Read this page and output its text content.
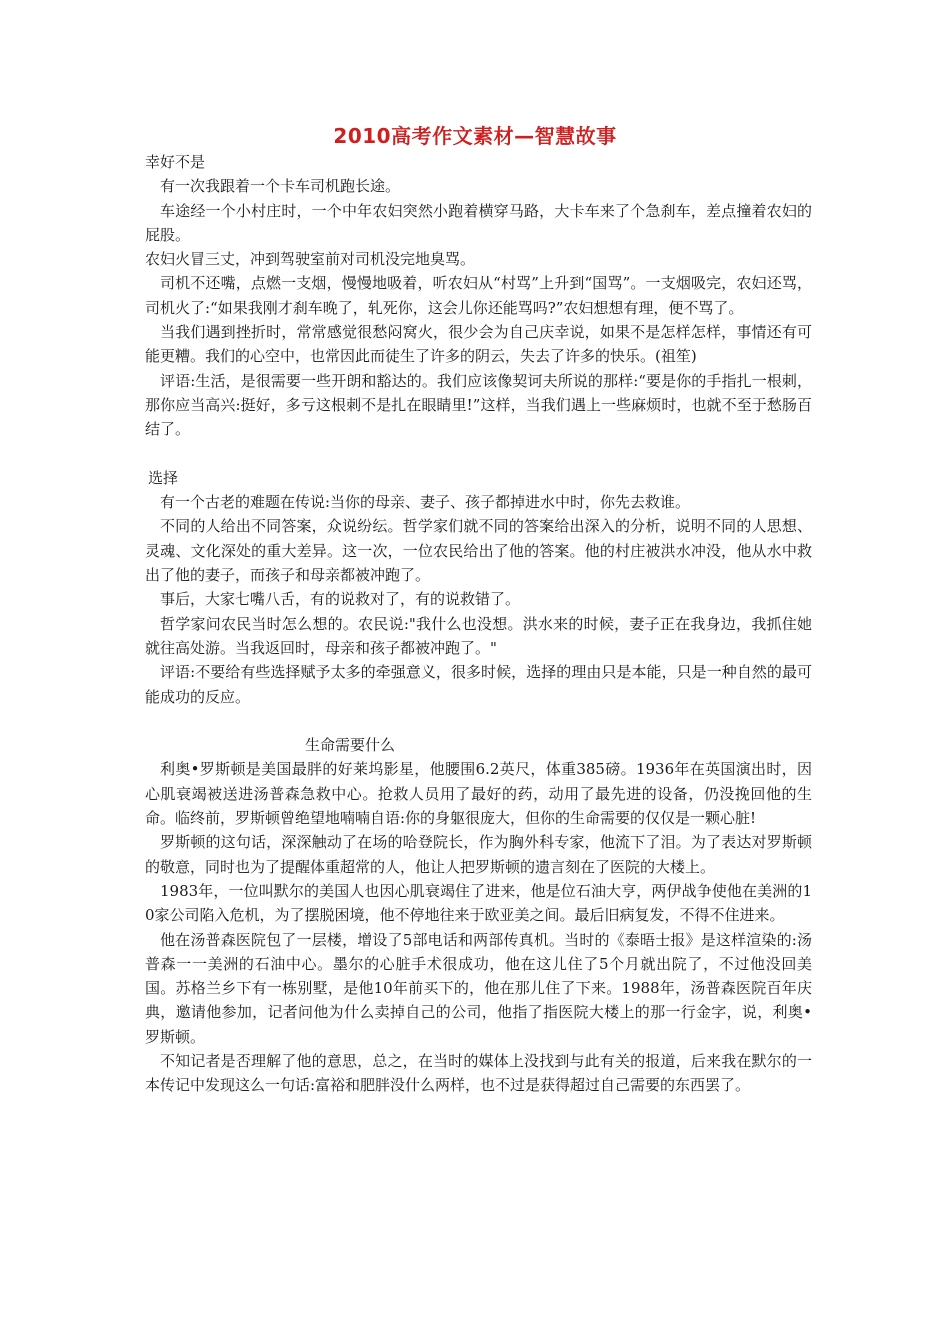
2010高考作文素材—智慧故事

幸好不是

有一次我跟着一个卡车司机跑长途。

车途经一个小村庄时，一个中年农妇突然小跑着横穿马路，大卡车来了个急刹车，差点撞着农妇的屁股。

农妇火冒三丈，冲到驾驶室前对司机没完地臭骂。

司机不还嘴，点燃一支烟，慢慢地吸着，听农妇从“村骂”上升到“国骂”。一支烟吸完，农妇还骂，司机火了:“如果我刚才刹车晚了，轧死你，这会儿你还能骂吗?”农妇想想有理，便不骂了。

当我们遇到挫折时，常常感觉很愁闷窝火，很少会为自己庆幸说，如果不是怎样怎样，事情还有可能更糟。我们的心空中，也常因此而徒生了许多的阴云，失去了许多的快乐。(祖笙)

评语:生活，是很需要一些开朗和豁达的。我们应该像契诃夫所说的那样:“要是你的手指扎一根刺，那你应当高兴:挺好，多亏这根刺不是扎在眼睛里!”这样，当我们遇上一些麻烦时，也就不至于愁肠百结了。

选择

有一个古老的难题在传说:当你的母亲、妻子、孩子都掉进水中时，你先去救谁。

不同的人给出不同答案，众说纷纭。哲学家们就不同的答案给出深入的分析，说明不同的人思想、灵魂、文化深处的重大差异。这一次，一位农民给出了他的答案。他的村庄被洪水冲没，他从水中救出了他的妻子，而孩子和母亲都被冲跑了。

事后，大家七嘴八舌，有的说救对了，有的说救错了。

哲学家问农民当时怎么想的。农民说:"我什么也没想。洪水来的时候，妻子正在我身边，我抓住她就往高处游。当我返回时，母亲和孩子都被冲跑了。"

评语:不要给有些选择赋予太多的牵强意义，很多时候，选择的理由只是本能，只是一种自然的最可能成功的反应。

生命需要什么

利奥•罗斯顿是美国最胖的好莱坞影星，他腰围6.2英尺，体重385磅。1936年在英国演出时，因心肌衰竭被送进汤普森急救中心。抢救人员用了最好的药，动用了最先进的设备，仍没挽回他的生命。临终前，罗斯顿曾绝望地喃喃自语:你的身躯很庞大，但你的生命需要的仅仅是一颗心脏!

罗斯顿的这句话，深深触动了在场的哈登院长，作为胸外科专家，他流下了泪。为了表达对罗斯顿的敬意，同时也为了提醒体重超常的人，他让人把罗斯顿的遗言刻在了医院的大楼上。

1983年，一位叫默尔的美国人也因心肌衰竭住了进来，他是位石油大亨，两伊战争使他在美洲的10家公司陷入危机，为了摆脱困境，他不停地往来于欧亚美之间。最后旧病复发，不得不住进来。

他在汤普森医院包了一层楼，增设了5部电话和两部传真机。当时的《泰晤士报》是这样渲染的:汤普森一一美洲的石油中心。墨尔的心脏手术很成功，他在这儿住了5个月就出院了，不过他没回美国。苏格兰乡下有一栋别墅，是他10年前买下的，他在那儿住了下来。1988年，汤普森医院百年庆典，邀请他参加，记者问他为什么卖掉自己的公司，他指了指医院大楼上的那一行金字，说，利奥•罗斯顿。

不知记者是否理解了他的意思，总之，在当时的媒体上没找到与此有关的报道，后来我在默尔的一本传记中发现这么一句话:富裕和肥胖没什么两样，也不过是获得超过自己需要的东西罢了。
